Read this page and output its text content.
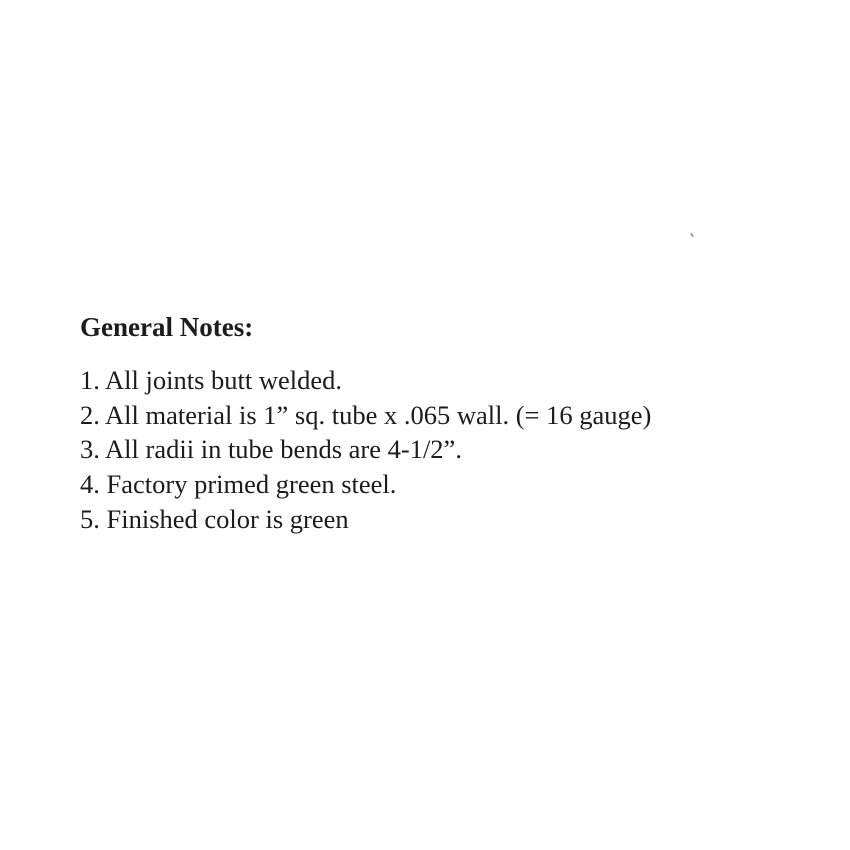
General Notes:
1. All joints butt welded.
2. All material is 1” sq. tube x .065 wall. (= 16 gauge)
3. All radii in tube bends are 4-1/2”.
4. Factory primed green steel.
5. Finished color is green
